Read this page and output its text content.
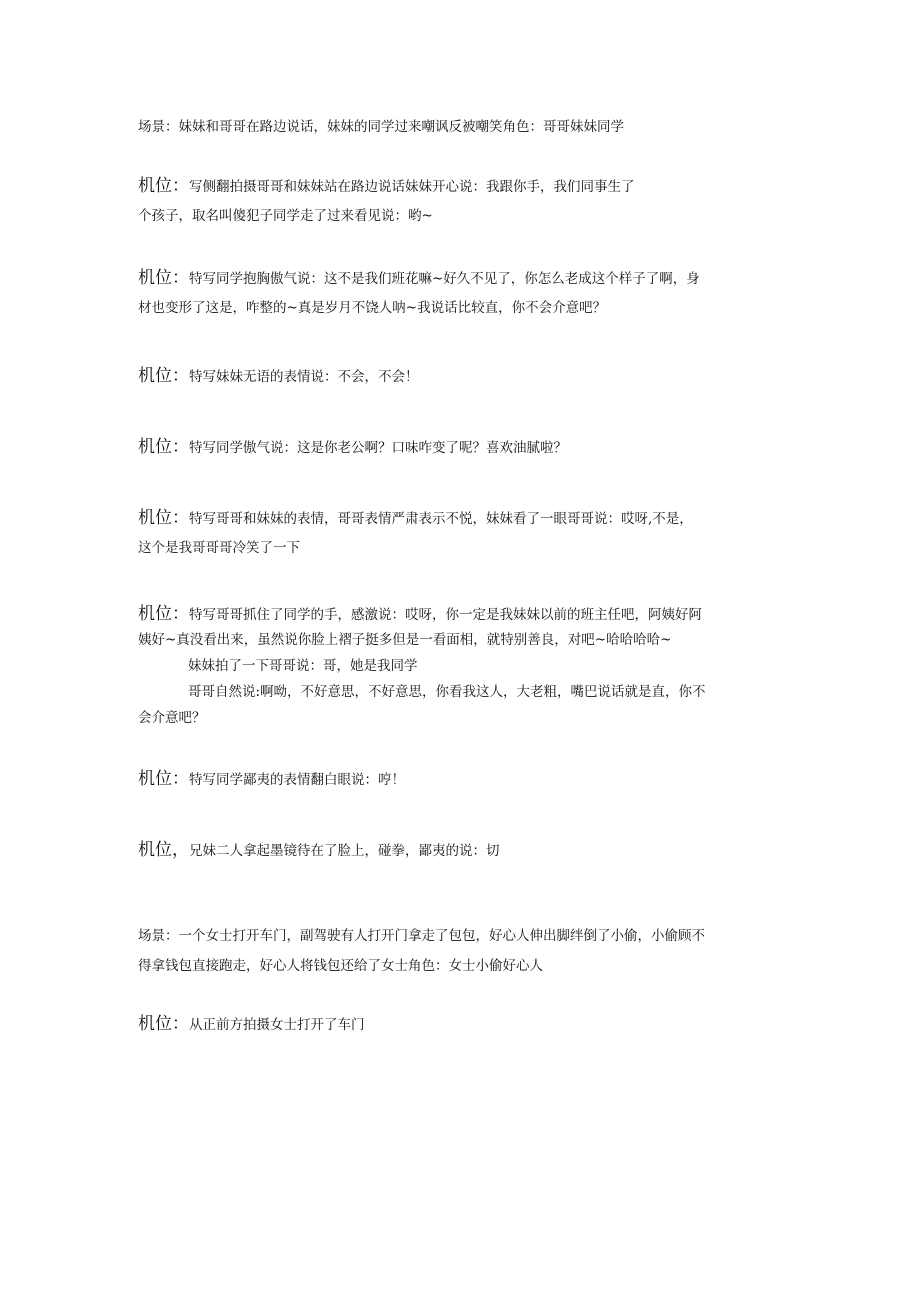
场景：妹妹和哥哥在路边说话，妹妹的同学过来嘲讽反被嘲笑角色：哥哥妹妹同学
机位：写侧翻拍摄哥哥和妹妹站在路边说话妹妹开心说：我跟你手，我们同事生了
个孩子，取名叫傻犯子同学走了过来看见说：哟~
机位：特写同学抱胸傲气说：这不是我们班花嘛~好久不见了，你怎么老成这个样子了啊，身
材也变形了这是，咋整的~真是岁月不饶人呐~我说话比较直，你不会介意吧？
机位：特写妹妹无语的表情说：不会，不会！
机位：特写同学傲气说：这是你老公啊？口味咋变了呢？喜欢油腻啦？
机位：特写哥哥和妹妹的表情，哥哥表情严肃表示不悦，妹妹看了一眼哥哥说：哎呀,不是，
这个是我哥哥哥冷笑了一下
机位：特写哥哥抓住了同学的手，感激说：哎呀，你一定是我妹妹以前的班主任吧，阿姨好阿
姨好~真没看出来，虽然说你脸上褶子挺多但是一看面相，就特别善良，对吧~哈哈哈哈~
妹妹拍了一下哥哥说：哥，她是我同学
哥哥自然说:啊呦，不好意思，不好意思，你看我这人，大老粗，嘴巴说话就是直，你不
会介意吧？
机位：特写同学鄙夷的表情翻白眼说：哼！
机位，兄妹二人拿起墨镜待在了脸上，碰拳，鄙夷的说：切
场景：一个女士打开车门，副驾驶有人打开门拿走了包包，好心人伸出脚绊倒了小偷，小偷顾不
得拿钱包直接跑走，好心人将钱包还给了女士角色：女士小偷好心人
机位：从正前方拍摄女士打开了车门
